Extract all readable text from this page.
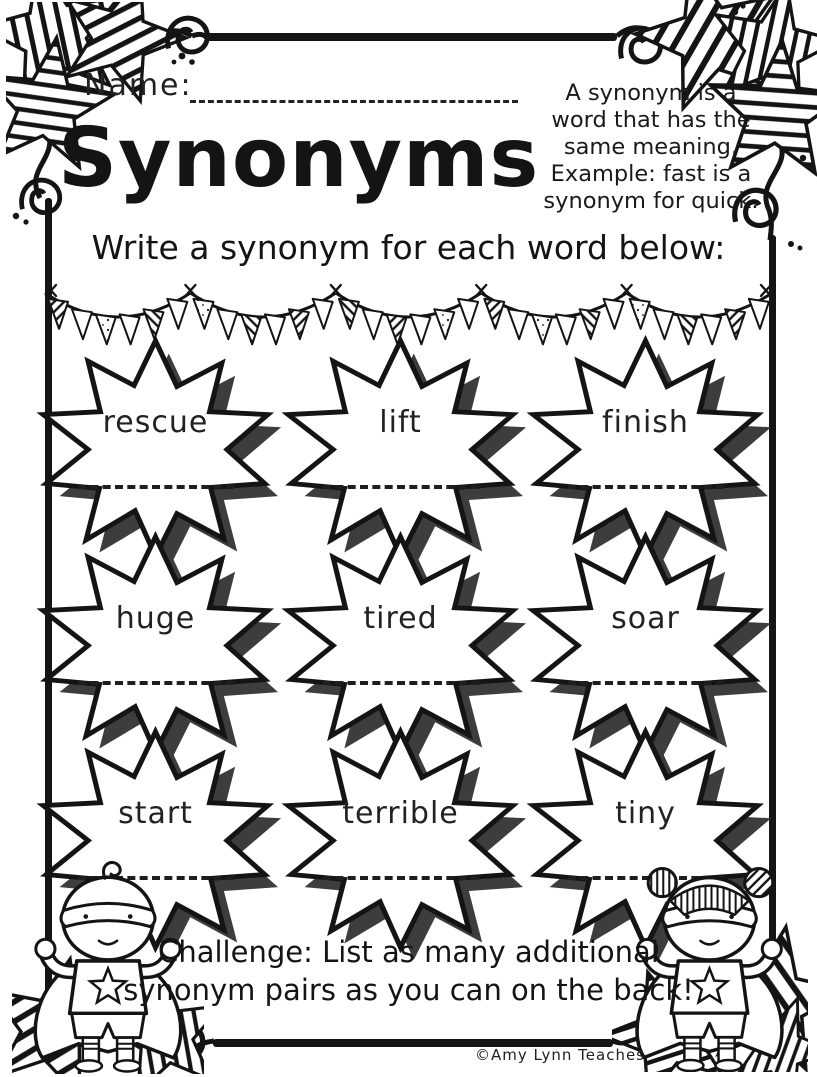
Name:	A synonym is a
word that has the
same meaning.
Example: fast is a
synonym for quick.
Synonyms
Write a synonym for each word below:
rescue	lift	finish
huge	tired	soar
start	terrible	tiny
Challenge: List as many additional
synonym pairs as you can on the back!
©Amy Lynn Teaches
